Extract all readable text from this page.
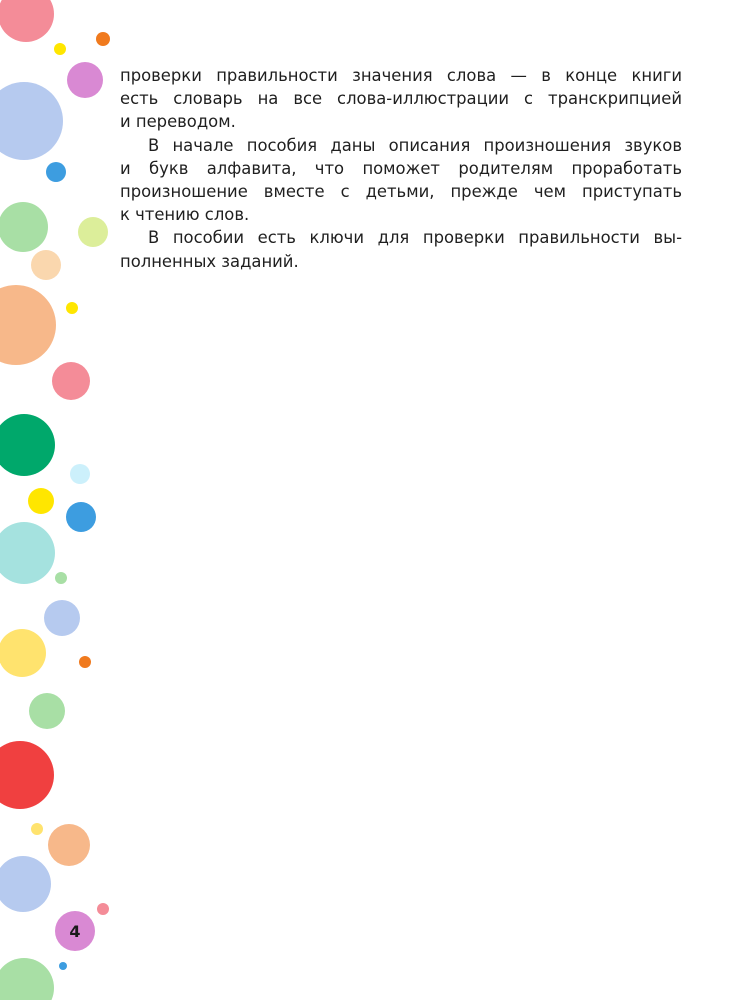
4

проверки правильности значения слова — в конце книги
есть словарь на все слова-иллюстрации с транскрипцией
и переводом.

В начале пособия даны описания произношения звуков
и букв алфавита, что поможет родителям проработать
произношение вместе с детьми, прежде чем приступать
к чтению слов.

В пособии есть ключи для проверки правильности вы-
полненных заданий.
